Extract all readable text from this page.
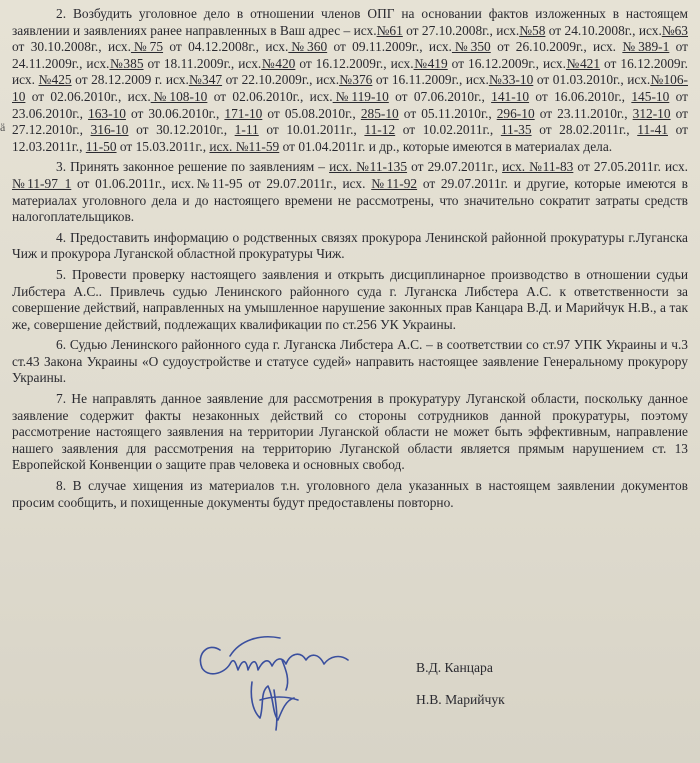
ä

2. Возбудить уголовное дело в отношении членов ОПГ на основании фактов изложенных в настоящем заявлении и заявлениях ранее направленных в Ваш адрес – исх.№61 от 27.10.2008г., исх.№58 от 24.10.2008г., исх.№63 от 30.10.2008г., исх.№75 от 04.12.2008г., исх.№360 от 09.11.2009г., исх.№350 от 26.10.2009г., исх. №389-1 от 24.11.2009г., исх.№385 от 18.11.2009г., исх.№420 от 16.12.2009г., исх.№419 от 16.12.2009г., исх.№421 от 16.12.2009г. исх. №425 от 28.12.2009 г. исх.№347 от 22.10.2009г., исх.№376 от 16.11.2009г., исх.№33-10 от 01.03.2010г., исх.№106-10 от 02.06.2010г., исх.№108-10 от 02.06.2010г., исх.№119-10 от 07.06.2010г., 141-10 от 16.06.2010г., 145-10 от 23.06.2010г., 163-10 от 30.06.2010г., 171-10 от 05.08.2010г., 285-10 от 05.11.2010г., 296-10 от 23.11.2010г., 312-10 от 27.12.2010г., 316-10 от 30.12.2010г., 1-11 от 10.01.2011г., 11-12 от 10.02.2011г., 11-35 от 28.02.2011г., 11-41 от 12.03.2011г., 11-50 от 15.03.2011г., исх. №11-59 от 01.04.2011г. и др., которые имеются в материалах дела.

3. Принять законное решение по заявлениям – исх. №11-135 от 29.07.2011г., исх. №11-83 от 27.05.2011г. исх. №11-97_1 от 01.06.2011г., исх.№11-95 от 29.07.2011г., исх. №11-92 от 29.07.2011г. и другие, которые имеются в материалах уголовного дела и до настоящего времени не рассмотрены, что значительно сократит затраты средств налогоплательщиков.

4. Предоставить информацию о родственных связях прокурора Ленинской районной прокуратуры г.Луганска Чиж и прокурора Луганской областной прокуратуры Чиж.

5. Провести проверку настоящего заявления и открыть дисциплинарное производство в отношении судьи Либстера А.С.. Привлечь судью Ленинского районного суда г. Луганска Либстера А.С. к ответственности за совершение действий, направленных на умышленное нарушение законных прав Канцара В.Д. и Марийчук Н.В., а так же, совершение действий, подлежащих квалификации по ст.256 УК Украины.

6. Судью Ленинского районного суда г. Луганска Либстера А.С. – в соответствии со ст.97 УПК Украины и ч.3 ст.43 Закона Украины «О судоустройстве и статусе судей» направить настоящее заявление Генеральному прокурору Украины.

7. Не направлять данное заявление для рассмотрения в прокуратуру Луганской области, поскольку данное заявление содержит факты незаконных действий со стороны сотрудников данной прокуратуры, поэтому рассмотрение настоящего заявления на территории Луганской области не может быть эффективным, направление нашего заявления для рассмотрения на территорию Луганской области является прямым нарушением ст. 13 Европейской Конвенции о защите прав человека и основных свобод.

8. В случае хищения из материалов т.н. уголовного дела указанных в настоящем заявлении документов просим сообщить, и похищенные документы будут предоставлены повторно.

В.Д. Канцара
Н.В. Марийчук
